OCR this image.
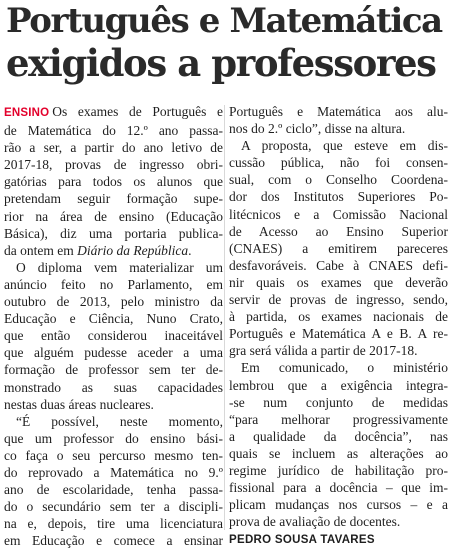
Português e Matemática
exigidos a professores

ENSINO Os exames de Português e
de Matemática do 12.º ano passa-
rão a ser, a partir do ano letivo de
2017-18, provas de ingresso obri-
gatórias para todos os alunos que
pretendam seguir formação supe-
rior na área de ensino (Educação
Básica), diz uma portaria publica-
da ontem em Diário da República.

O diploma vem materializar um
anúncio feito no Parlamento, em
outubro de 2013, pelo ministro da
Educação e Ciência, Nuno Crato,
que então considerou inaceitável
que alguém pudesse aceder a uma
formação de professor sem ter de-
monstrado as suas capacidades
nestas duas áreas nucleares.

“É possível, neste momento,
que um professor do ensino bási-
co faça o seu percurso mesmo ten-
do reprovado a Matemática no 9.º
ano de escolaridade, tenha passa-
do o secundário sem ter a discipli-
na e, depois, tire uma licenciatura
em Educação e comece a ensinar

Português e Matemática aos alu-
nos do 2.º ciclo”, disse na altura.

A proposta, que esteve em dis-
cussão pública, não foi consen-
sual, com o Conselho Coordena-
dor dos Institutos Superiores Po-
litécnicos e a Comissão Nacional
de Acesso ao Ensino Superior
(CNAES) a emitirem pareceres
desfavoráveis. Cabe à CNAES defi-
nir quais os exames que deverão
servir de provas de ingresso, sendo,
à partida, os exames nacionais de
Português e Matemática A e B. A re-
gra será válida a partir de 2017-18.

Em comunicado, o ministério
lembrou que a exigência integra-
-se num conjunto de medidas
“para melhorar progressivamente
a qualidade da docência”, nas
quais se incluem as alterações ao
regime jurídico de habilitação pro-
fissional para a docência – que im-
plicam mudanças nos cursos – e a
prova de avaliação de docentes.

PEDRO SOUSA TAVARES
